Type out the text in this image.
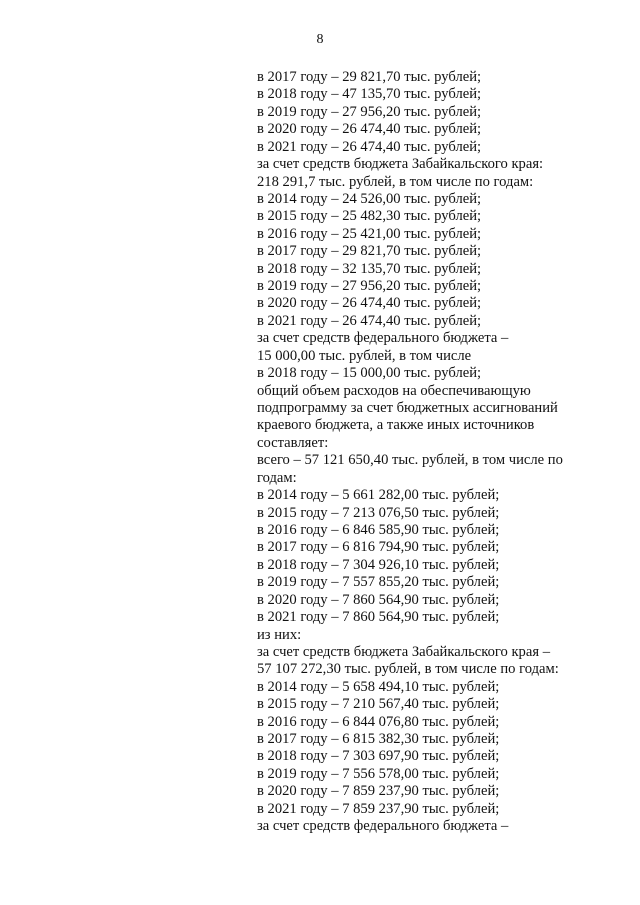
8
в 2017 году – 29 821,70 тыс. рублей;
в 2018 году – 47 135,70 тыс. рублей;
в 2019 году – 27 956,20 тыс. рублей;
в 2020 году – 26 474,40 тыс. рублей;
в 2021 году – 26 474,40 тыс. рублей;
за счет средств бюджета Забайкальского края:
218 291,7 тыс. рублей, в том числе по годам:
в 2014 году – 24 526,00 тыс. рублей;
в 2015 году – 25 482,30 тыс. рублей;
в 2016 году – 25 421,00 тыс. рублей;
в 2017 году – 29 821,70 тыс. рублей;
в 2018 году – 32 135,70 тыс. рублей;
в 2019 году – 27 956,20 тыс. рублей;
в 2020 году – 26 474,40 тыс. рублей;
в 2021 году – 26 474,40 тыс. рублей;
за счет средств федерального бюджета –
15 000,00 тыс. рублей, в том числе
в 2018 году – 15 000,00 тыс. рублей;
общий объем расходов на обеспечивающую
подпрограмму за счет бюджетных ассигнований
краевого бюджета, а также иных источников
составляет:
всего – 57 121 650,40 тыс. рублей, в том числе по
годам:
в 2014 году – 5 661 282,00 тыс. рублей;
в 2015 году – 7 213 076,50 тыс. рублей;
в 2016 году – 6 846 585,90 тыс. рублей;
в 2017 году – 6 816 794,90 тыс. рублей;
в 2018 году – 7 304 926,10 тыс. рублей;
в 2019 году – 7 557 855,20 тыс. рублей;
в 2020 году – 7 860 564,90 тыс. рублей;
в 2021 году – 7 860 564,90 тыс. рублей;
из них:
за счет средств бюджета Забайкальского края –
57 107 272,30 тыс. рублей, в том числе по годам:
в 2014 году – 5 658 494,10 тыс. рублей;
в 2015 году – 7 210 567,40 тыс. рублей;
в 2016 году – 6 844 076,80 тыс. рублей;
в 2017 году – 6 815 382,30 тыс. рублей;
в 2018 году – 7 303 697,90 тыс. рублей;
в 2019 году – 7 556 578,00 тыс. рублей;
в 2020 году – 7 859 237,90 тыс. рублей;
в 2021 году – 7 859 237,90 тыс. рублей;
за счет средств федерального бюджета –
